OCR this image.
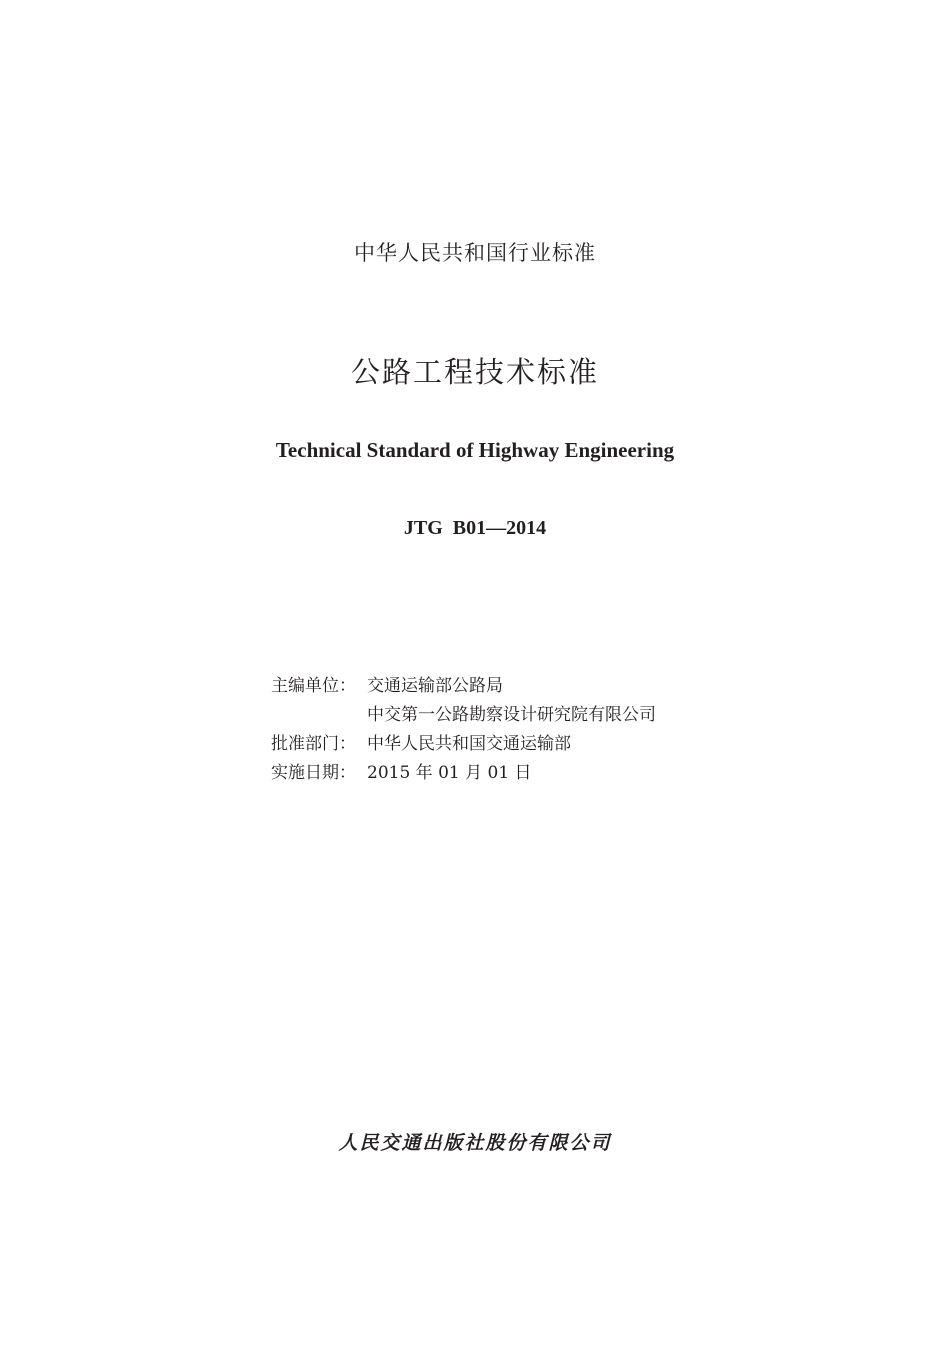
中华人民共和国行业标准
公路工程技术标准
Technical Standard of Highway Engineering
JTG  B01—2014
主编单位： 交通运输部公路局
中交第一公路勘察设计研究院有限公司
批准部门： 中华人民共和国交通运输部
实施日期： 2015 年 01 月 01 日
人民交通出版社股份有限公司
